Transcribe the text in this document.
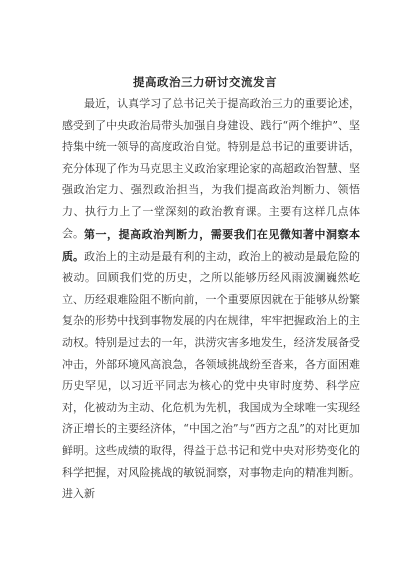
提高政治三力研讨交流发言

最近，认真学习了总书记关于提高政治三力的重要论述，感受到了中央政治局带头加强自身建设、践行“两个维护”、坚持集中统一领导的高度政治自觉。特别是总书记的重要讲话，充分体现了作为马克思主义政治家理论家的高超政治智慧、坚强政治定力、强烈政治担当，为我们提高政治判断力、领悟力、执行力上了一堂深刻的政治教育课。主要有这样几点体会。 第一，提高政治判断力，需要我们在见微知著中洞察本质。政治上的主动是最有利的主动，政治上的被动是最危险的被动。回顾我们党的历史，之所以能够历经风雨波澜巍然屹立、历经艰难险阻不断向前，一个重要原因就在于能够从纷繁复杂的形势中找到事物发展的内在规律，牢牢把握政治上的主动权。特别是过去的一年，洪涝灾害多地发生，经济发展备受冲击，外部环境风高浪急，各领域挑战纷至沓来，各方面困难历史罕见，以习近平同志为核心的党中央审时度势、科学应对，化被动为主动、化危机为先机，我国成为全球唯一实现经济正增长的主要经济体，“中国之治”与“西方之乱”的对比更加鲜明。这些成绩的取得，得益于总书记和党中央对形势变化的科学把握，对风险挑战的敏锐洞察，对事物走向的精准判断。进入新
